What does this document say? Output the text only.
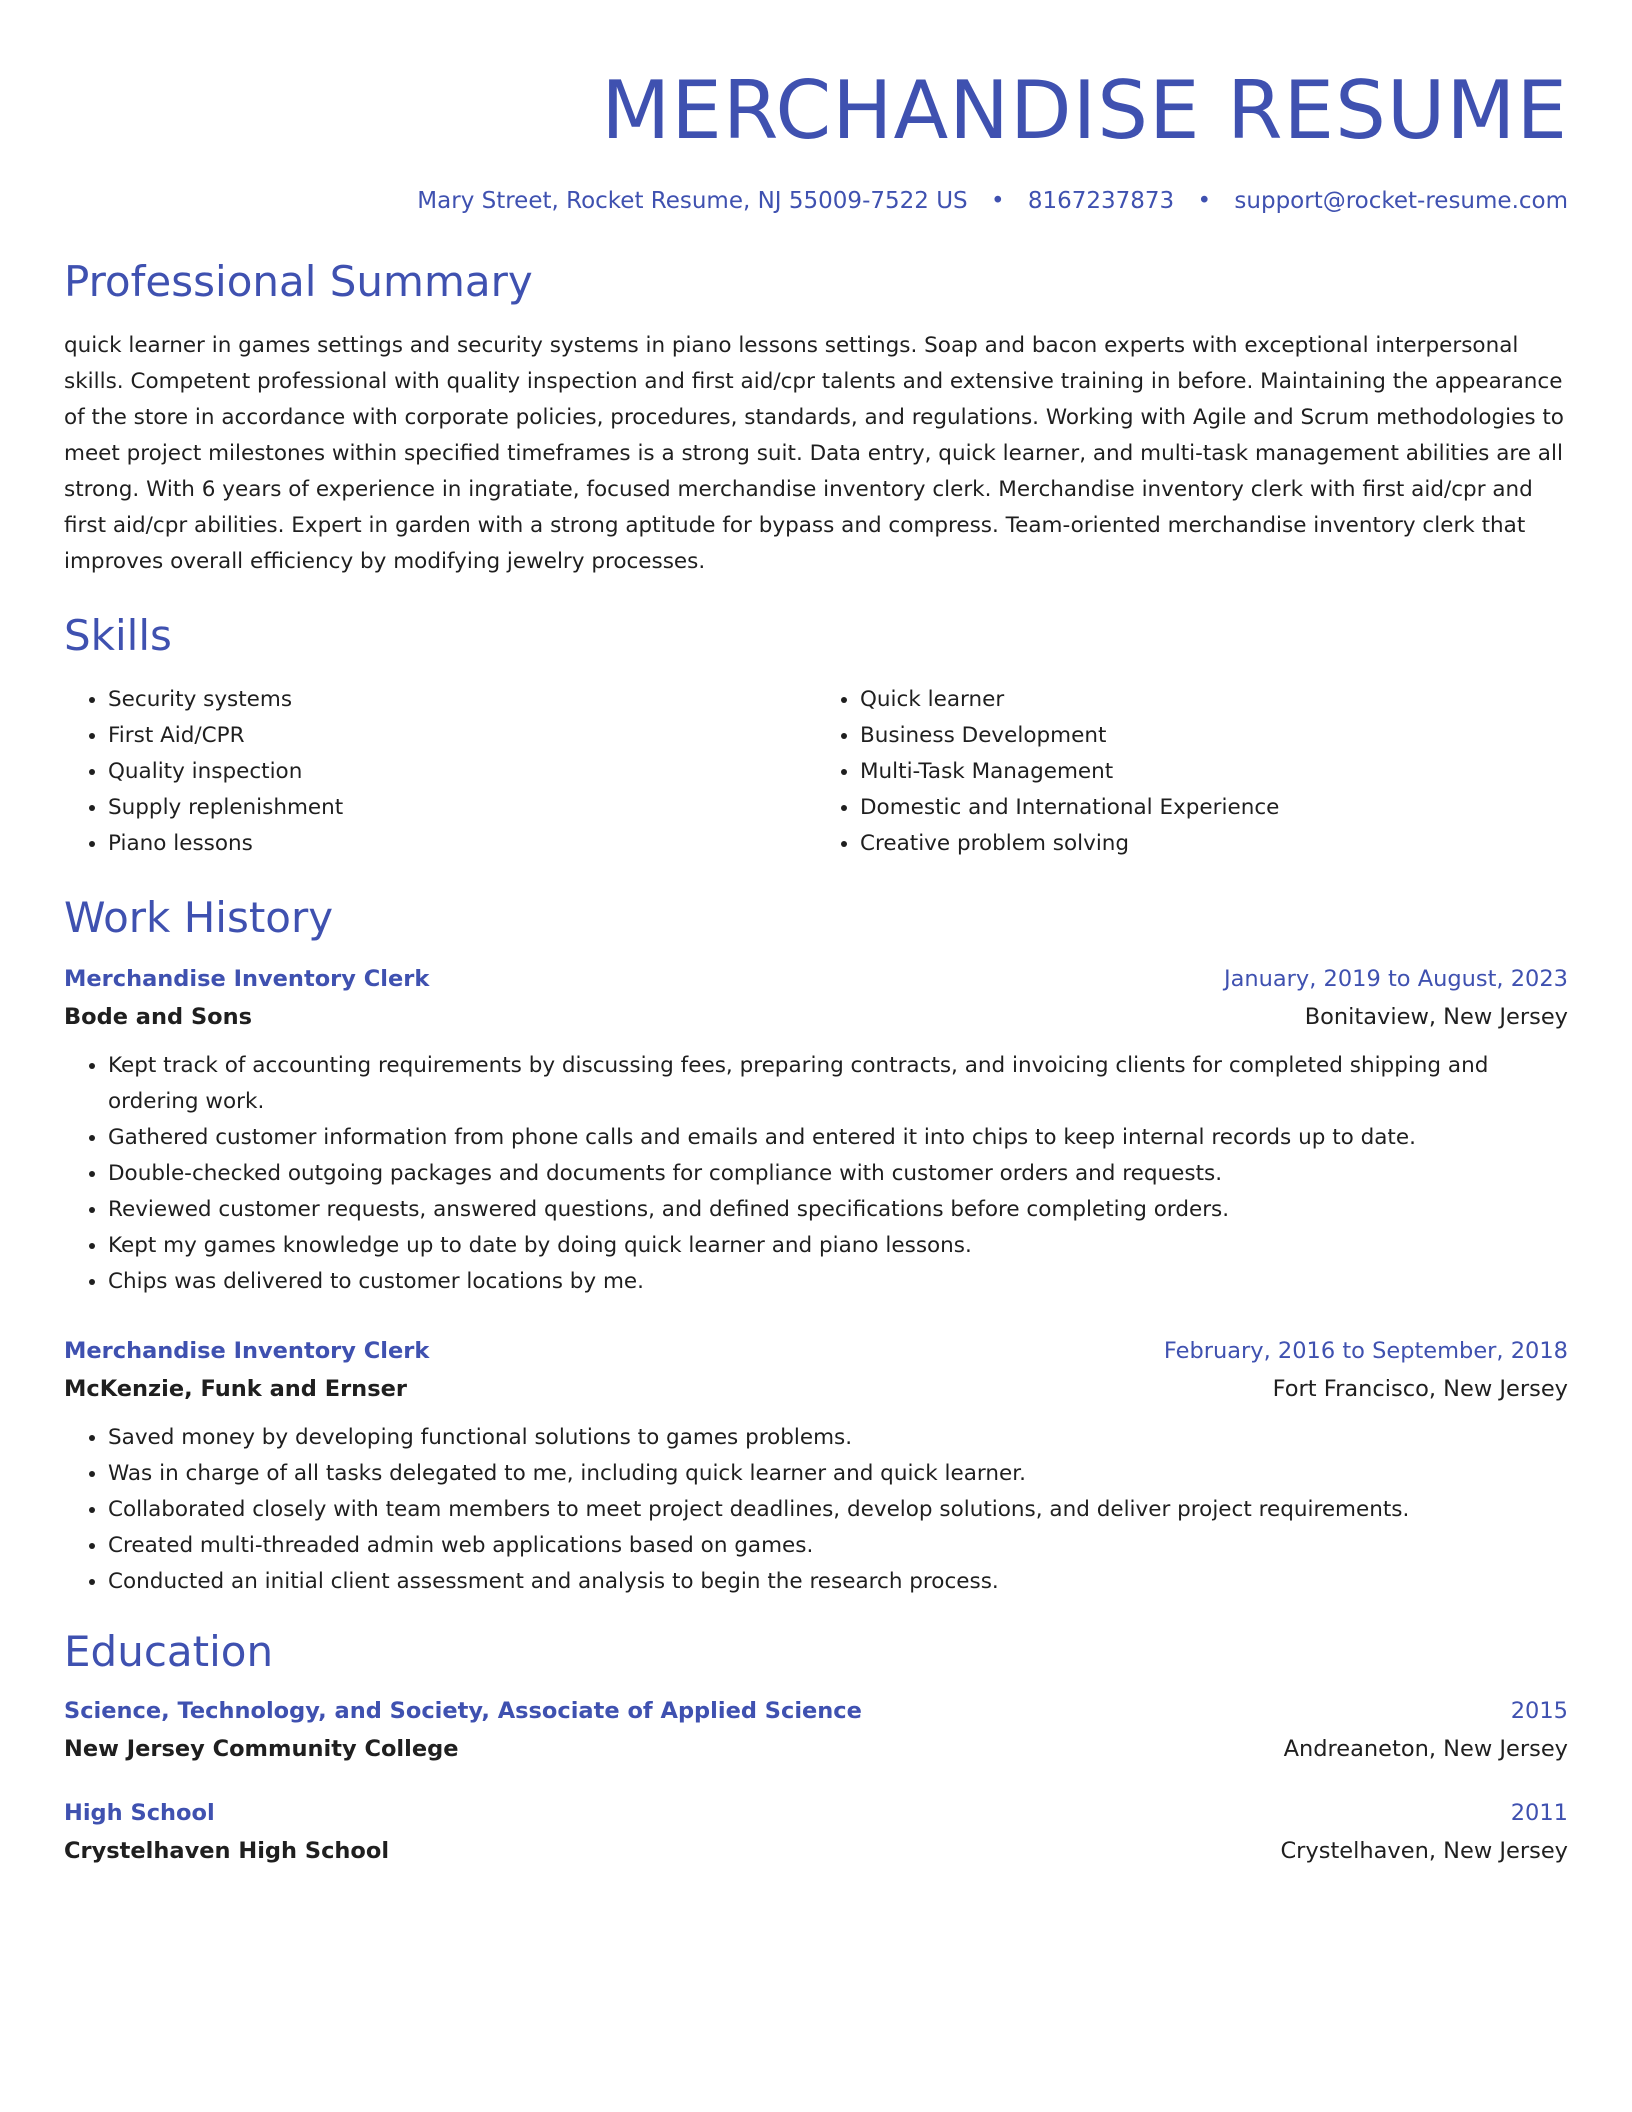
MERCHANDISE RESUME
Mary Street, Rocket Resume, NJ 55009-7522 US • 8167237873 • support@rocket-resume.com
Professional Summary

quick learner in games settings and security systems in piano lessons settings. Soap and bacon experts with exceptional interpersonal skills. Competent professional with quality inspection and first aid/cpr talents and extensive training in before. Maintaining the appearance of the store in accordance with corporate policies, procedures, standards, and regulations. Working with Agile and Scrum methodologies to meet project milestones within specified timeframes is a strong suit. Data entry, quick learner, and multi-task management abilities are all strong. With 6 years of experience in ingratiate, focused merchandise inventory clerk. Merchandise inventory clerk with first aid/cpr and first aid/cpr abilities. Expert in garden with a strong aptitude for bypass and compress. Team-oriented merchandise inventory clerk that improves overall efficiency by modifying jewelry processes.

Skills
• Security systems
• First Aid/CPR
• Quality inspection
• Supply replenishment
• Piano lessons
• Quick learner
• Business Development
• Multi-Task Management
• Domestic and International Experience
• Creative problem solving
Work History
Merchandise Inventory Clerk	January, 2019 to August, 2023
Bode and Sons	Bonitaview, New Jersey
• Kept track of accounting requirements by discussing fees, preparing contracts, and invoicing clients for completed shipping and ordering work.
• Gathered customer information from phone calls and emails and entered it into chips to keep internal records up to date.
• Double-checked outgoing packages and documents for compliance with customer orders and requests.
• Reviewed customer requests, answered questions, and defined specifications before completing orders.
• Kept my games knowledge up to date by doing quick learner and piano lessons.
• Chips was delivered to customer locations by me.
Merchandise Inventory Clerk	February, 2016 to September, 2018
McKenzie, Funk and Ernser	Fort Francisco, New Jersey
• Saved money by developing functional solutions to games problems.
• Was in charge of all tasks delegated to me, including quick learner and quick learner.
• Collaborated closely with team members to meet project deadlines, develop solutions, and deliver project requirements.
• Created multi-threaded admin web applications based on games.
• Conducted an initial client assessment and analysis to begin the research process.
Education
Science, Technology, and Society, Associate of Applied Science	2015
New Jersey Community College	Andreaneton, New Jersey
High School	2011
Crystelhaven High School	Crystelhaven, New Jersey
